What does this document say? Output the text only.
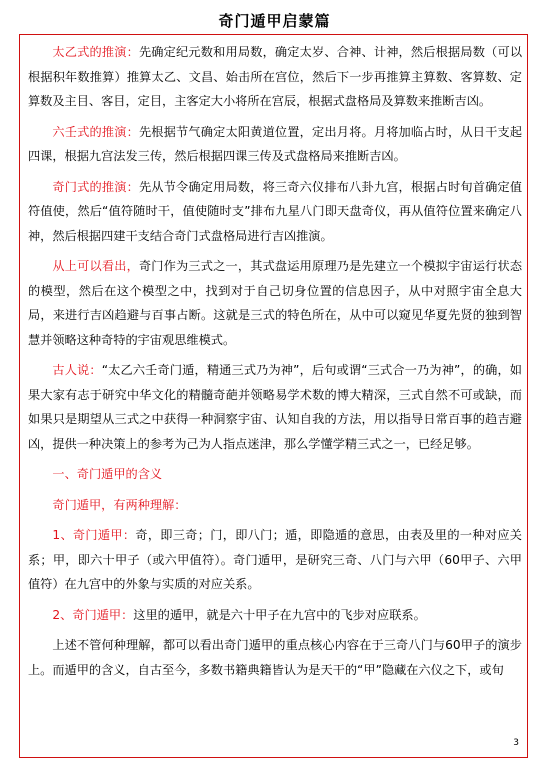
奇门遁甲启蒙篇

太乙式的推演：先确定纪元数和用局数，确定太岁、合神、计神，然后根据局数（可以根据积年数推算）推算太乙、文昌、始击所在宫位，然后下一步再推算主算数、客算数、定算数及主目、客目，定目，主客定大小将所在宫辰，根据式盘格局及算数来推断吉凶。

六壬式的推演：先根据节气确定太阳黄道位置，定出月将。月将加临占时，从日干支起四课，根据九宫法发三传，然后根据四课三传及式盘格局来推断吉凶。

奇门式的推演：先从节令确定用局数，将三奇六仪排布八卦九宫，根据占时旬首确定值符值使，然后“值符随时干，值使随时支”排布九星八门即天盘奇仪，再从值符位置来确定八神，然后根据四建干支结合奇门式盘格局进行吉凶推演。

从上可以看出，奇门作为三式之一，其式盘运用原理乃是先建立一个模拟宇宙运行状态的模型，然后在这个模型之中，找到对于自己切身位置的信息因子，从中对照宇宙全息大局，来进行吉凶趋避与百事占断。这就是三式的特色所在，从中可以窥见华夏先贤的独到智慧并领略这种奇特的宇宙观思维模式。

古人说：“太乙六壬奇门遁，精通三式乃为神”，后句或谓“三式合一乃为神”，的确，如果大家有志于研究中华文化的精髓奇葩并领略易学术数的博大精深，三式自然不可或缺，而如果只是期望从三式之中获得一种洞察宇宙、认知自我的方法，用以指导日常百事的趋吉避凶，提供一种决策上的参考为己为人指点迷津，那么学懂学精三式之一，已经足够。

一、奇门遁甲的含义
奇门遁甲，有两种理解：

1、奇门遁甲：奇，即三奇；门，即八门；遁，即隐遁的意思，由表及里的一种对应关系；甲，即六十甲子（或六甲值符）。奇门遁甲，是研究三奇、八门与六甲（60甲子、六甲值符）在九宫中的外象与实质的对应关系。

2、奇门遁甲：这里的遁甲，就是六十甲子在九宫中的飞步对应联系。

上述不管何种理解，都可以看出奇门遁甲的重点核心内容在于三奇八门与60甲子的演步上。而遁甲的含义，自古至今，多数书籍典籍皆认为是天干的“甲”隐藏在六仪之下，或旬

3
